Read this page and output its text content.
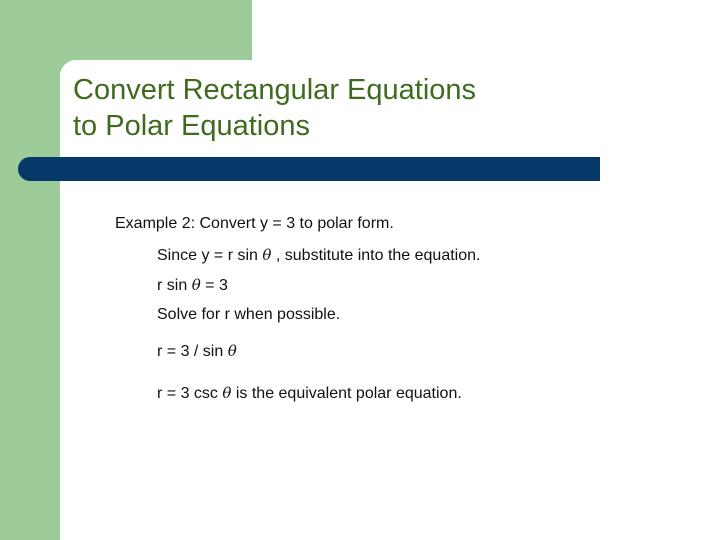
Convert Rectangular Equations
to Polar Equations
Example 2: Convert y = 3 to polar form.
Since y = r sin θ , substitute into the equation.
r sin θ = 3
Solve for r when possible.
r = 3 / sin θ
r = 3 csc θ is the equivalent polar equation.
